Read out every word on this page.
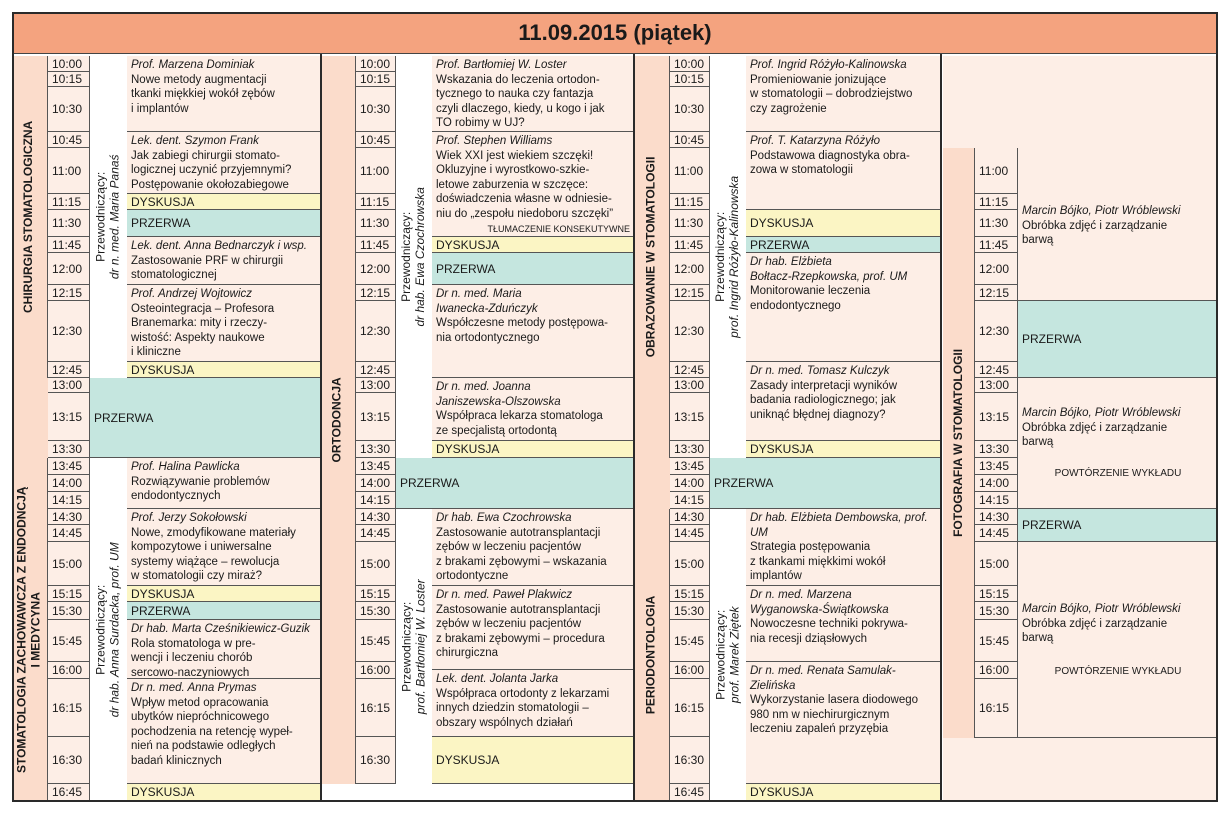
11.09.2015 (piątek)
CHIRURGIA STOMATOLOGICZNA
STOMATOLOGIA ZACHOWAWCZA Z ENDODNCJĄ I MEDYCYNA
Przewodniczący: dr n. med. Maria Panaś
Przewodniczący: dr hab. Anna Surdacka, prof. UM
10:00
10:15
10:30
10:45
11:00
11:15
11:30
11:45
12:00
12:15
12:30
12:45
13:00
13:15
13:30
13:45
14:00
14:15
14:30
14:45
15:00
15:15
15:30
15:45
16:00
16:15
16:30
16:45
Prof. Marzena Dominiak
Nowe metody augmentacji
tkanki miękkiej wokół zębów
i implantów
Lek. dent. Szymon Frank
Jak zabiegi chirurgii stomato-
logicznej uczynić przyjemnymi?
Postępowanie okołozabiegowe
DYSKUSJA
PRZERWA
Lek. dent. Anna Bednarczyk i wsp.
Zastosowanie PRF w chirurgii
stomatologicznej
Prof. Andrzej Wojtowicz
Osteointegracja – Profesora
Branemarka: mity i rzeczy-
wistość: Aspekty naukowe
i kliniczne
DYSKUSJA
PRZERWA
Prof. Halina Pawlicka
Rozwiązywanie problemów
endodontycznych
Prof. Jerzy Sokołowski
Nowe, zmodyfikowane materiały
kompozytowe i uniwersalne
systemy wiążące – rewolucja
w stomatologii czy miraż?
DYSKUSJA
PRZERWA
Dr hab. Marta Cześnikiewicz-Guzik
Rola stomatologa w pre-
wencji i leczeniu chorób
sercowo-naczyniowych
Dr n. med. Anna Prymas
Wpływ metod opracowania
ubytków niepróchnicowego
pochodzenia na retencję wypeł-
nień na podstawie odległych
badań klinicznych
DYSKUSJA
ORTODONCJA
Przewodniczący: dr hab. Ewa Czochrowska
Przewodniczący: prof. Bartłomiej W. Loster
10:00
10:15
10:30
10:45
11:00
11:15
11:30
11:45
12:00
12:15
12:30
12:45
13:00
13:15
13:30
13:45
14:00
14:15
14:30
14:45
15:00
15:15
15:30
15:45
16:00
16:15
16:30
Prof. Bartłomiej W. Loster
Wskazania do leczenia ortodon-
tycznego to nauka czy fantazja
czyli dlaczego, kiedy, u kogo i jak
TO robimy w UJ?
Prof. Stephen Williams
Wiek XXI jest wiekiem szczęki!
Okluzyjne i wyrostkowo-szkie-
letowe zaburzenia w szczęce:
doświadczenia własne w odniesie-
niu do „zespołu niedoboru szczęki”
TŁUMACZENIE KONSEKUTYWNE
DYSKUSJA
PRZERWA
Dr n. med. Maria
Iwanecka-Zduńczyk
Współczesne metody postępowa-
nia ortodontycznego
Dr n. med. Joanna
Janiszewska-Olszowska
Współpraca lekarza stomatologa
ze specjalistą ortodontą
DYSKUSJA
PRZERWA
Dr hab. Ewa Czochrowska
Zastosowanie autotransplantacji
zębów w leczeniu pacjentów
z brakami zębowymi – wskazania
ortodontyczne
Dr n. med. Paweł Plakwicz
Zastosowanie autotransplantacji
zębów w leczeniu pacjentów
z brakami zębowymi – procedura
chirurgiczna
Lek. dent. Jolanta Jarka
Współpraca ortodonty z lekarzami
innych dziedzin stomatologii –
obszary wspólnych działań
DYSKUSJA
OBRAZOWANIE W STOMATOLOGII
PERIODONTOLOGIA
Przewodniczący: prof. Ingrid Różyło-Kalinowska
Przewodniczący: prof. Marek Ziętek
10:00
10:15
10:30
10:45
11:00
11:15
11:30
11:45
12:00
12:15
12:30
12:45
13:00
13:15
13:30
13:45
14:00
14:15
14:30
14:45
15:00
15:15
15:30
15:45
16:00
16:15
16:30
16:45
Prof. Ingrid Różyło-Kalinowska
Promieniowanie jonizujące
w stomatologii – dobrodziejstwo
czy zagrożenie
Prof. T. Katarzyna Różyło
Podstawowa diagnostyka obra-
zowa w stomatologii
DYSKUSJA
PRZERWA
Dr hab. Elżbieta
Bołtacz-Rzepkowska, prof. UM
Monitorowanie leczenia
endodontycznego
Dr n. med. Tomasz Kulczyk
Zasady interpretacji wyników
badania radiologicznego; jak
uniknąć błędnej diagnozy?
DYSKUSJA
PRZERWA
Dr hab. Elżbieta Dembowska, prof. UM
Strategia postępowania
z tkankami miękkimi wokół
implantów
Dr n. med. Marzena
Wyganowska-Świątkowska
Nowoczesne techniki pokrywa-
nia recesji dziąsłowych
Dr n. med. Renata Samulak-Zielińska
Wykorzystanie lasera diodowego
980 nm w niechirurgicznym
leczeniu zapaleń przyzębia
DYSKUSJA
FOTOGRAFIA W STOMATOLOGII
11:00
11:15
11:30
11:45
12:00
12:15
12:30
12:45
13:00
13:15
13:30
13:45
14:00
14:15
14:30
14:45
15:00
15:15
15:30
15:45
16:00
16:15
Marcin Bójko, Piotr Wróblewski
Obróbka zdjęć i zarządzanie
barwą
PRZERWA
Marcin Bójko, Piotr Wróblewski
Obróbka zdjęć i zarządzanie
barwą
POWTÓRZENIE WYKŁADU
PRZERWA
Marcin Bójko, Piotr Wróblewski
Obróbka zdjęć i zarządzanie
barwą
POWTÓRZENIE WYKŁADU
